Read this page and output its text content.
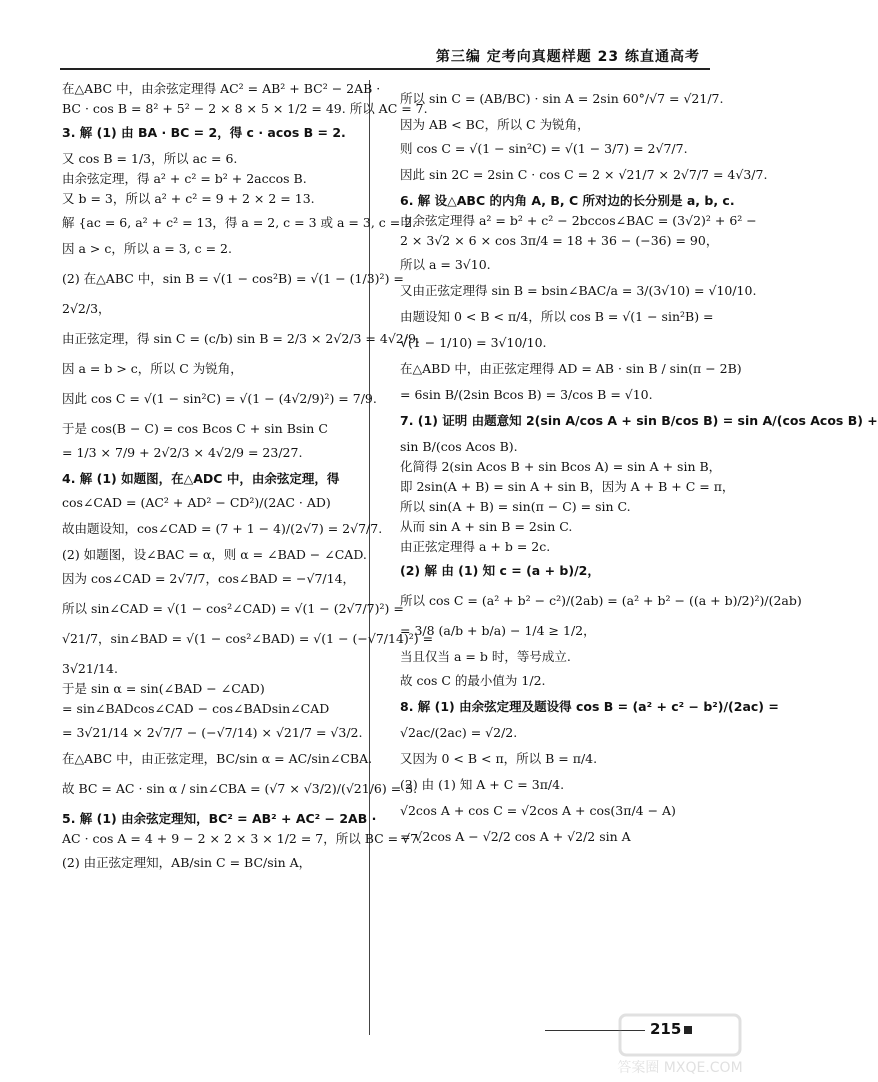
第三编 定考向真题样题 23 练直通高考
在△ABC 中，由余弦定理得 AC² = AB² + BC² − 2AB ·
BC · cos B = 8² + 5² − 2 × 8 × 5 × 1/2 = 49. 所以 AC = 7.
3. 解 (1) 由 BA · BC = 2，得 c · acos B = 2.
又 cos B = 1/3，所以 ac = 6.
由余弦定理，得 a² + c² = b² + 2accos B.
又 b = 3，所以 a² + c² = 9 + 2 × 2 = 13.
解 {ac = 6, a² + c² = 13，得 a = 2, c = 3 或 a = 3, c = 2.
因 a > c，所以 a = 3, c = 2.
(2) 在△ABC 中，sin B = √(1 − cos²B) = √(1 − (1/3)²) =
2√2/3，
由正弦定理，得 sin C = (c/b) sin B = 2/3 × 2√2/3 = 4√2/9.
因 a = b > c，所以 C 为锐角，
因此 cos C = √(1 − sin²C) = √(1 − (4√2/9)²) = 7/9.
于是 cos(B − C) = cos Bcos C + sin Bsin C
= 1/3 × 7/9 + 2√2/3 × 4√2/9 = 23/27.
4. 解 (1) 如题图，在△ADC 中，由余弦定理，得
cos∠CAD = (AC² + AD² − CD²)/(2AC · AD)
故由题设知，cos∠CAD = (7 + 1 − 4)/(2√7) = 2√7/7.
(2) 如题图，设∠BAC = α，则 α = ∠BAD − ∠CAD.
因为 cos∠CAD = 2√7/7，cos∠BAD = −√7/14，
所以 sin∠CAD = √(1 − cos²∠CAD) = √(1 − (2√7/7)²) =
√21/7，sin∠BAD = √(1 − cos²∠BAD) = √(1 − (−√7/14)²) =
3√21/14.
于是 sin α = sin(∠BAD − ∠CAD)
= sin∠BADcos∠CAD − cos∠BADsin∠CAD
= 3√21/14 × 2√7/7 − (−√7/14) × √21/7 = √3/2.
在△ABC 中，由正弦定理，BC/sin α = AC/sin∠CBA.
故 BC = AC · sin α / sin∠CBA = (√7 × √3/2)/(√21/6) = 3.
5. 解 (1) 由余弦定理知，BC² = AB² + AC² − 2AB ·
AC · cos A = 4 + 9 − 2 × 2 × 3 × 1/2 = 7，所以 BC = √7.
(2) 由正弦定理知，AB/sin C = BC/sin A，
所以 sin C = (AB/BC) · sin A = 2sin 60°/√7 = √21/7.
因为 AB < BC，所以 C 为锐角，
则 cos C = √(1 − sin²C) = √(1 − 3/7) = 2√7/7.
因此 sin 2C = 2sin C · cos C = 2 × √21/7 × 2√7/7 = 4√3/7.
6. 解 设△ABC 的内角 A, B, C 所对边的长分别是 a, b, c.
由余弦定理得 a² = b² + c² − 2bccos∠BAC = (3√2)² + 6² −
2 × 3√2 × 6 × cos 3π/4 = 18 + 36 − (−36) = 90，
所以 a = 3√10.
又由正弦定理得 sin B = bsin∠BAC/a = 3/(3√10) = √10/10.
由题设知 0 < B < π/4，所以 cos B = √(1 − sin²B) =
√(1 − 1/10) = 3√10/10.
在△ABD 中，由正弦定理得 AD = AB · sin B / sin(π − 2B)
= 6sin B/(2sin Bcos B) = 3/cos B = √10.
7. (1) 证明 由题意知 2(sin A/cos A + sin B/cos B) = sin A/(cos Acos B) +
sin B/(cos Acos B).
化简得 2(sin Acos B + sin Bcos A) = sin A + sin B，
即 2sin(A + B) = sin A + sin B，因为 A + B + C = π，
所以 sin(A + B) = sin(π − C) = sin C.
从而 sin A + sin B = 2sin C.
由正弦定理得 a + b = 2c.
(2) 解 由 (1) 知 c = (a + b)/2，
所以 cos C = (a² + b² − c²)/(2ab) = (a² + b² − ((a + b)/2)²)/(2ab)
= 3/8 (a/b + b/a) − 1/4 ≥ 1/2，
当且仅当 a = b 时，等号成立.
故 cos C 的最小值为 1/2.
8. 解 (1) 由余弦定理及题设得 cos B = (a² + c² − b²)/(2ac) =
√2ac/(2ac) = √2/2.
又因为 0 < B < π，所以 B = π/4.
(2) 由 (1) 知 A + C = 3π/4.
√2cos A + cos C = √2cos A + cos(3π/4 − A)
= √2cos A − √2/2 cos A + √2/2 sin A
215
答案圈 MXQE.COM
